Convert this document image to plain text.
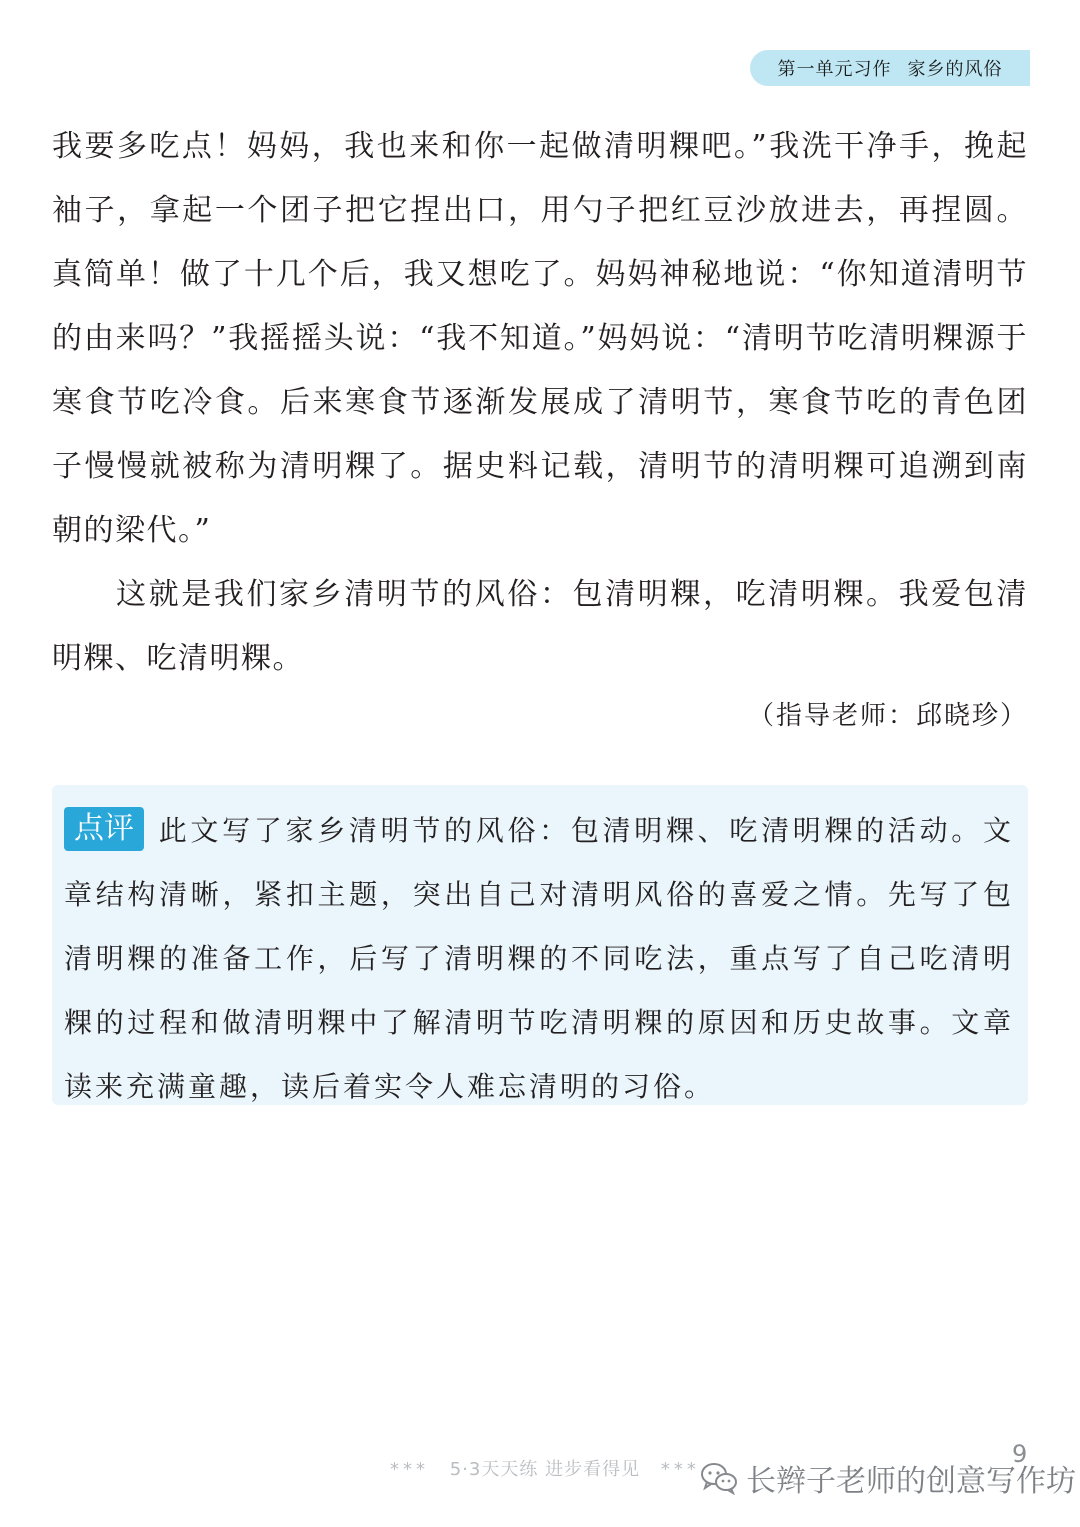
第一单元习作 家乡的风俗

我要多吃点！妈妈，我也来和你一起做清明粿吧。”我洗干净手，挽起袖子，拿起一个团子把它捏出口，用勺子把红豆沙放进去，再捏圆。真简单！做了十几个后，我又想吃了。妈妈神秘地说：“你知道清明节的由来吗？”我摇摇头说：“我不知道。”妈妈说：“清明节吃清明粿源于寒食节吃冷食。后来寒食节逐渐发展成了清明节，寒食节吃的青色团子慢慢就被称为清明粿了。据史料记载，清明节的清明粿可追溯到南朝的梁代。”

这就是我们家乡清明节的风俗：包清明粿，吃清明粿。我爱包清明粿、吃清明粿。

（指导老师：邱晓珍）

点评 此文写了家乡清明节的风俗：包清明粿、吃清明粿的活动。文章结构清晰，紧扣主题，突出自己对清明风俗的喜爱之情。先写了包清明粿的准备工作，后写了清明粿的不同吃法，重点写了自己吃清明粿的过程和做清明粿中了解清明节吃清明粿的原因和历史故事。文章读来充满童趣，读后着实令人难忘清明的习俗。

*** 5·3天天练 进步看得见 ***
9
长辫子老师的创意写作坊
